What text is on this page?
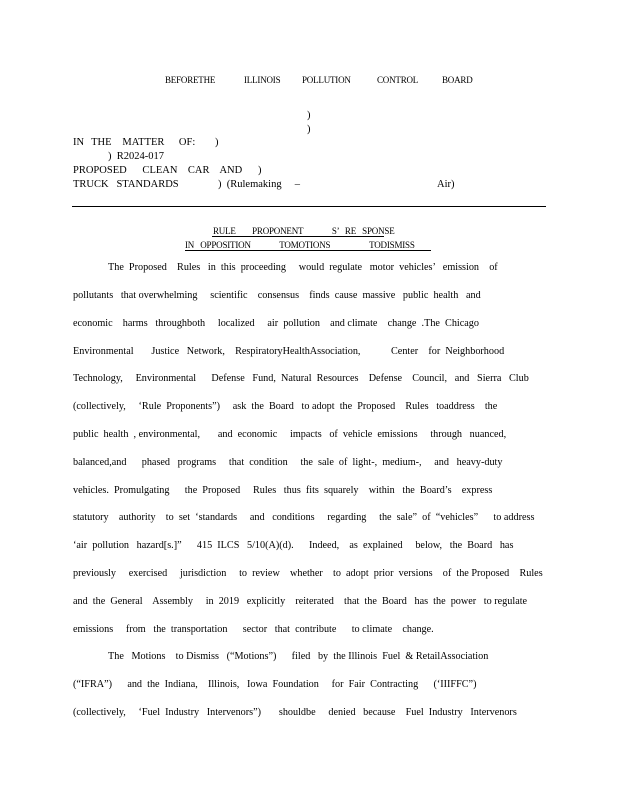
BEFORETHE	ILLINOIS POLLUTION	CONTROL	BOARD
)
)
IN  THE   MATTER    OF: )
)  R2024-017
PROPOSED      CLEAN    CAR    AND )
TRUCK   STANDARDS	)  (Rulemaking     –	Air)
RULE        PROPONENT              S’   RE   SPONSE
IN   OPPOSITION              TOMOTIONS                   TODISMISS
The  Proposed    Rules   in  this  proceeding     would  regulate   motor  vehicles’   emission    of
pollutants   that overwhelming     scientific    consensus    finds  cause  massive   public  health   and
economic    harms   throughboth     localized     air  pollution    and climate    change  .The  Chicago
Environmental       Justice   Network,    RespiratoryHealthAssociation,            Center    for  Neighborhood
Technology,     Environmental      Defense   Fund,  Natural  Resources    Defense    Council,   and   Sierra   Club
(collectively,     ‘Rule  Proponents”)     ask  the  Board   to adopt  the  Proposed    Rules   toaddress    the
public  health  , environmental,       and  economic     impacts   of  vehicle  emissions     through   nuanced,
balanced,and      phased   programs     that  condition     the  sale  of  light-,  medium-,     and   heavy-duty
vehicles.  Promulgating      the  Proposed     Rules   thus  fits  squarely    within   the  Board’s    express
statutory    authority    to  set  ‘standards     and   conditions     regarding     the  sale”  of  “vehicles”      to address
‘air  pollution   hazard[s.]”      415  ILCS   5/10(A)(d).      Indeed,    as  explained     below,   the  Board   has
previously     exercised     jurisdiction     to  review    whether    to  adopt  prior  versions    of  the Proposed    Rules
and  the  General    Assembly     in  2019   explicitly    reiterated    that  the  Board   has  the  power   to regulate
emissions     from   the  transportation      sector   that  contribute      to climate    change.
The   Motions    to Dismiss   (“Motions”)      filed   by  the Illinois  Fuel  & RetailAssociation
(“IFRA”)      and  the  Indiana,    Illinois,   Iowa  Foundation     for  Fair  Contracting      (‘IIIFFC”)
(collectively,     ‘Fuel  Industry   Intervenors”)       shouldbe     denied   because    Fuel  Industry   Intervenors
